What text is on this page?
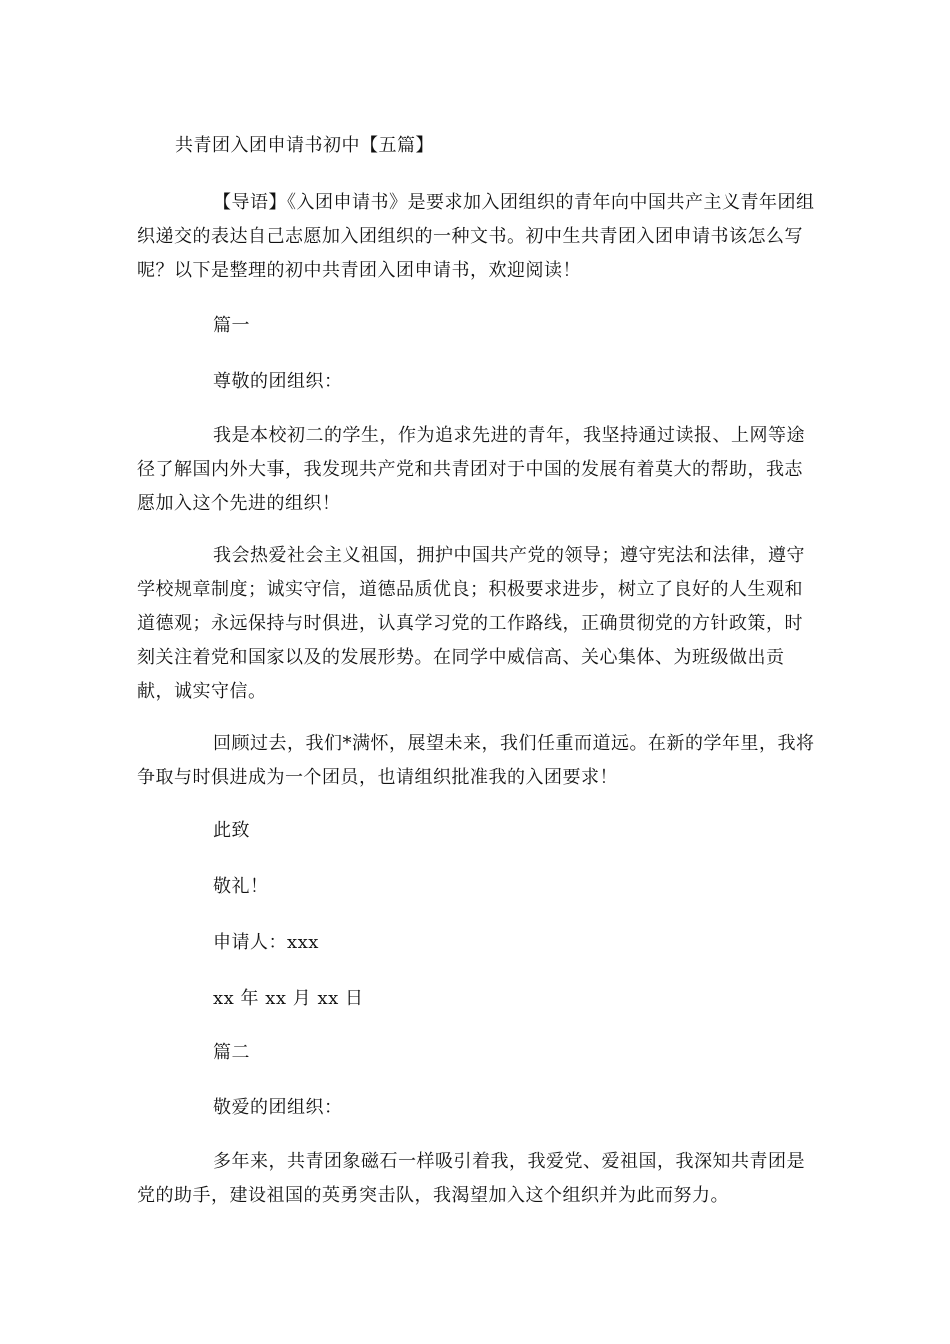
共青团入团申请书初中【五篇】
【导语】《入团申请书》是要求加入团组织的青年向中国共产主义青年团组织递交的表达自己志愿加入团组织的一种文书。初中生共青团入团申请书该怎么写呢？以下是整理的初中共青团入团申请书，欢迎阅读！
篇一
尊敬的团组织：
我是本校初二的学生，作为追求先进的青年，我坚持通过读报、上网等途径了解国内外大事，我发现共产党和共青团对于中国的发展有着莫大的帮助，我志愿加入这个先进的组织！
我会热爱社会主义祖国，拥护中国共产党的领导；遵守宪法和法律，遵守学校规章制度；诚实守信，道德品质优良；积极要求进步，树立了良好的人生观和道德观；永远保持与时俱进，认真学习党的工作路线，正确贯彻党的方针政策，时刻关注着党和国家以及的发展形势。在同学中威信高、关心集体、为班级做出贡献，诚实守信。
回顾过去，我们*满怀，展望未来，我们任重而道远。在新的学年里，我将争取与时俱进成为一个团员，也请组织批准我的入团要求！
此致
敬礼！
申请人：xxx
xx 年 xx 月 xx 日
篇二
敬爱的团组织：
多年来，共青团象磁石一样吸引着我，我爱党、爱祖国，我深知共青团是党的助手，建设祖国的英勇突击队，我渴望加入这个组织并为此而努力。
